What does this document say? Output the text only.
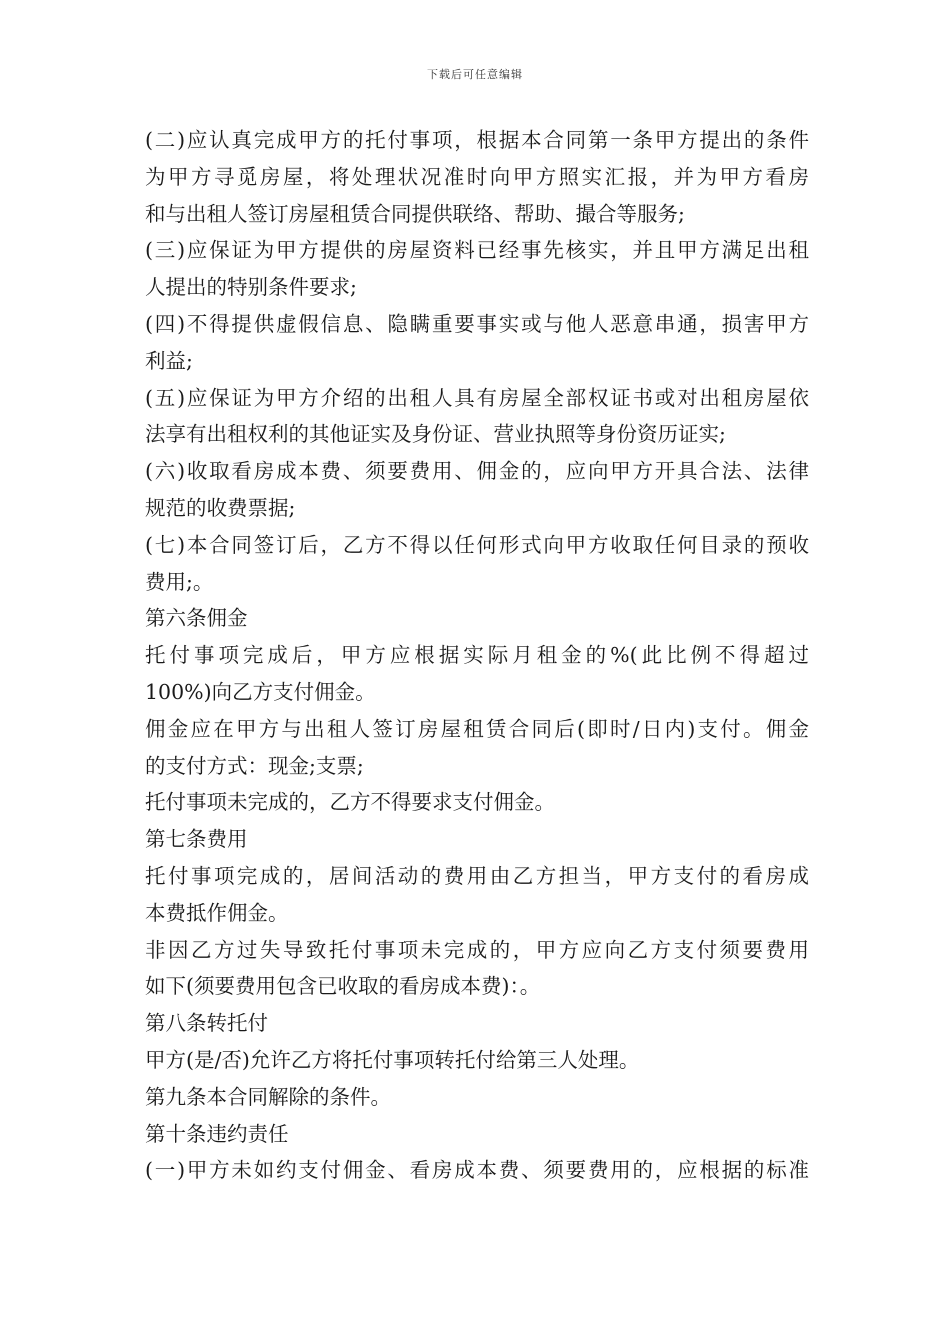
下载后可任意编辑
(二)应认真完成甲方的托付事项，根据本合同第一条甲方提出的条件
为甲方寻觅房屋，将处理状况准时向甲方照实汇报，并为甲方看房
和与出租人签订房屋租赁合同提供联络、帮助、撮合等服务;
(三)应保证为甲方提供的房屋资料已经事先核实，并且甲方满足出租
人提出的特别条件要求;
(四)不得提供虚假信息、隐瞒重要事实或与他人恶意串通，损害甲方
利益;
(五)应保证为甲方介绍的出租人具有房屋全部权证书或对出租房屋依
法享有出租权利的其他证实及身份证、营业执照等身份资历证实;
(六)收取看房成本费、须要费用、佣金的，应向甲方开具合法、法律
规范的收费票据;
(七)本合同签订后，乙方不得以任何形式向甲方收取任何目录的预收
费用;。
第六条佣金
托付事项完成后，甲方应根据实际月租金的%(此比例不得超过
100%)向乙方支付佣金。
佣金应在甲方与出租人签订房屋租赁合同后(即时/日内)支付。佣金
的支付方式：现金;支票;
托付事项未完成的，乙方不得要求支付佣金。
第七条费用
托付事项完成的，居间活动的费用由乙方担当，甲方支付的看房成
本费抵作佣金。
非因乙方过失导致托付事项未完成的，甲方应向乙方支付须要费用
如下(须要费用包含已收取的看房成本费)：。
第八条转托付
甲方(是/否)允许乙方将托付事项转托付给第三人处理。
第九条本合同解除的条件。
第十条违约责任
(一)甲方未如约支付佣金、看房成本费、须要费用的，应根据的标准
